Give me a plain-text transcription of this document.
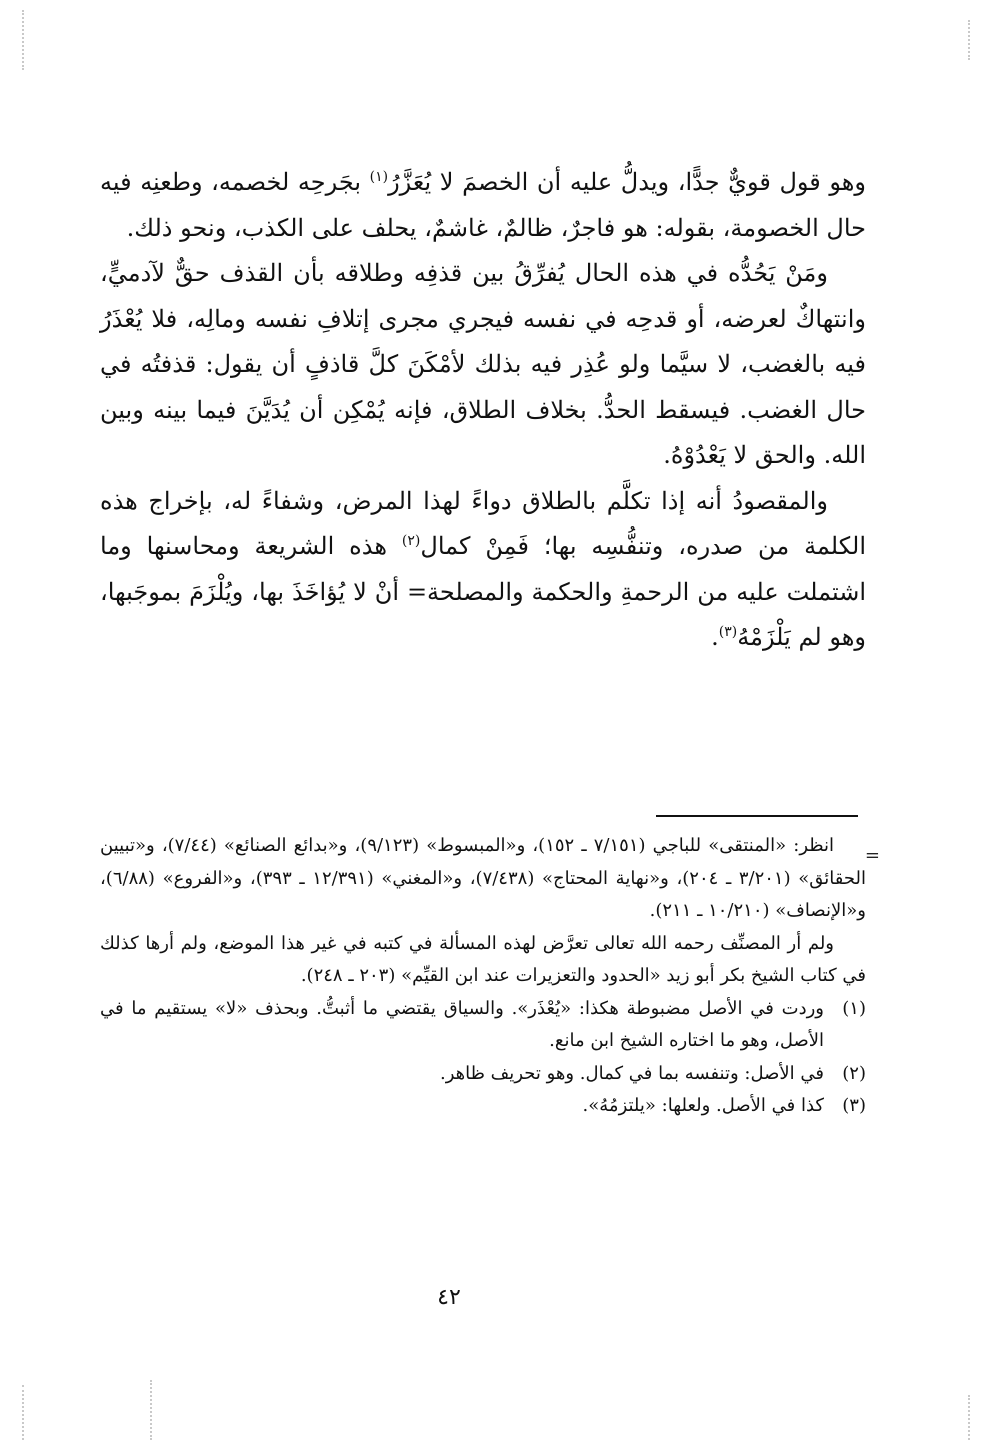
وهو قول قويٌّ جدًّا، ويدلُّ عليه أن الخصمَ لا يُعَزَّرُ$^{(١)}$ بجَرحِه لخصمه، وطعنِه فيه حال الخصومة، بقوله: هو فاجرٌ، ظالمٌ، غاشمٌ، يحلف على الكذب، ونحو ذلك.

ومَنْ يَحُدُّه في هذه الحال يُفرِّقُ بين قذفِه وطلاقه بأن القذف حقٌّ لآدميٍّ، وانتهاكٌ لعرضه، أو قدحِه في نفسه فيجري مجرى إتلافِ نفسه ومالِه، فلا يُعْذَرُ فيه بالغضب، لا سيَّما ولو عُذِر فيه بذلك لأمْكَنَ كلَّ قاذفٍ أن يقول: قذفتُه في حال الغضب. فيسقط الحدُّ. بخلاف الطلاق، فإنه يُمْكِن أن يُدَيَّنَ فيما بينه وبين الله. والحق لا يَعْدُوْهُ.

والمقصودُ أنه إذا تكلَّم بالطلاق دواءً لهذا المرض، وشفاءً له، بإخراج هذه الكلمة من صدره، وتنفُّسِه بها؛ فَمِنْ كمال$^{(٢)}$ هذه الشريعة ومحاسنها وما اشتملت عليه من الرحمةِ والحكمة والمصلحة= أنْ لا يُؤاخَذَ بها، ويُلْزَمَ بموجَبها، وهو لم يَلْزَمْهُ$^{(٣)}$.

=

انظر: «المنتقى» للباجي (٧/١٥١ ـ ١٥٢)، و«المبسوط» (٩/١٢٣)، و«بدائع الصنائع» (٧/٤٤)، و«تبيين الحقائق» (٣/٢٠١ ـ ٢٠٤)، و«نهاية المحتاج» (٧/٤٣٨)، و«المغني» (١٢/٣٩١ ـ ٣٩٣)، و«الفروع» (٦/٨٨)، و«الإنصاف» (١٠/٢١٠ ـ ٢١١).

ولم أر المصنِّف رحمه الله تعالى تعرَّض لهذه المسألة في كتبه في غير هذا الموضع، ولم أرها كذلك في كتاب الشيخ بكر أبو زيد «الحدود والتعزيرات عند ابن القيِّم» (٢٠٣ ـ ٢٤٨).

(١)
وردت في الأصل مضبوطة هكذا: «يُعْذَر». والسياق يقتضي ما أثبتُّ. وبحذف «لا» يستقيم ما في الأصل، وهو ما اختاره الشيخ ابن مانع.
(٢)
في الأصل: وتنفسه بما في كمال. وهو تحريف ظاهر.
(٣)
كذا في الأصل. ولعلها: «يلتزمُهُ».
٤٢
